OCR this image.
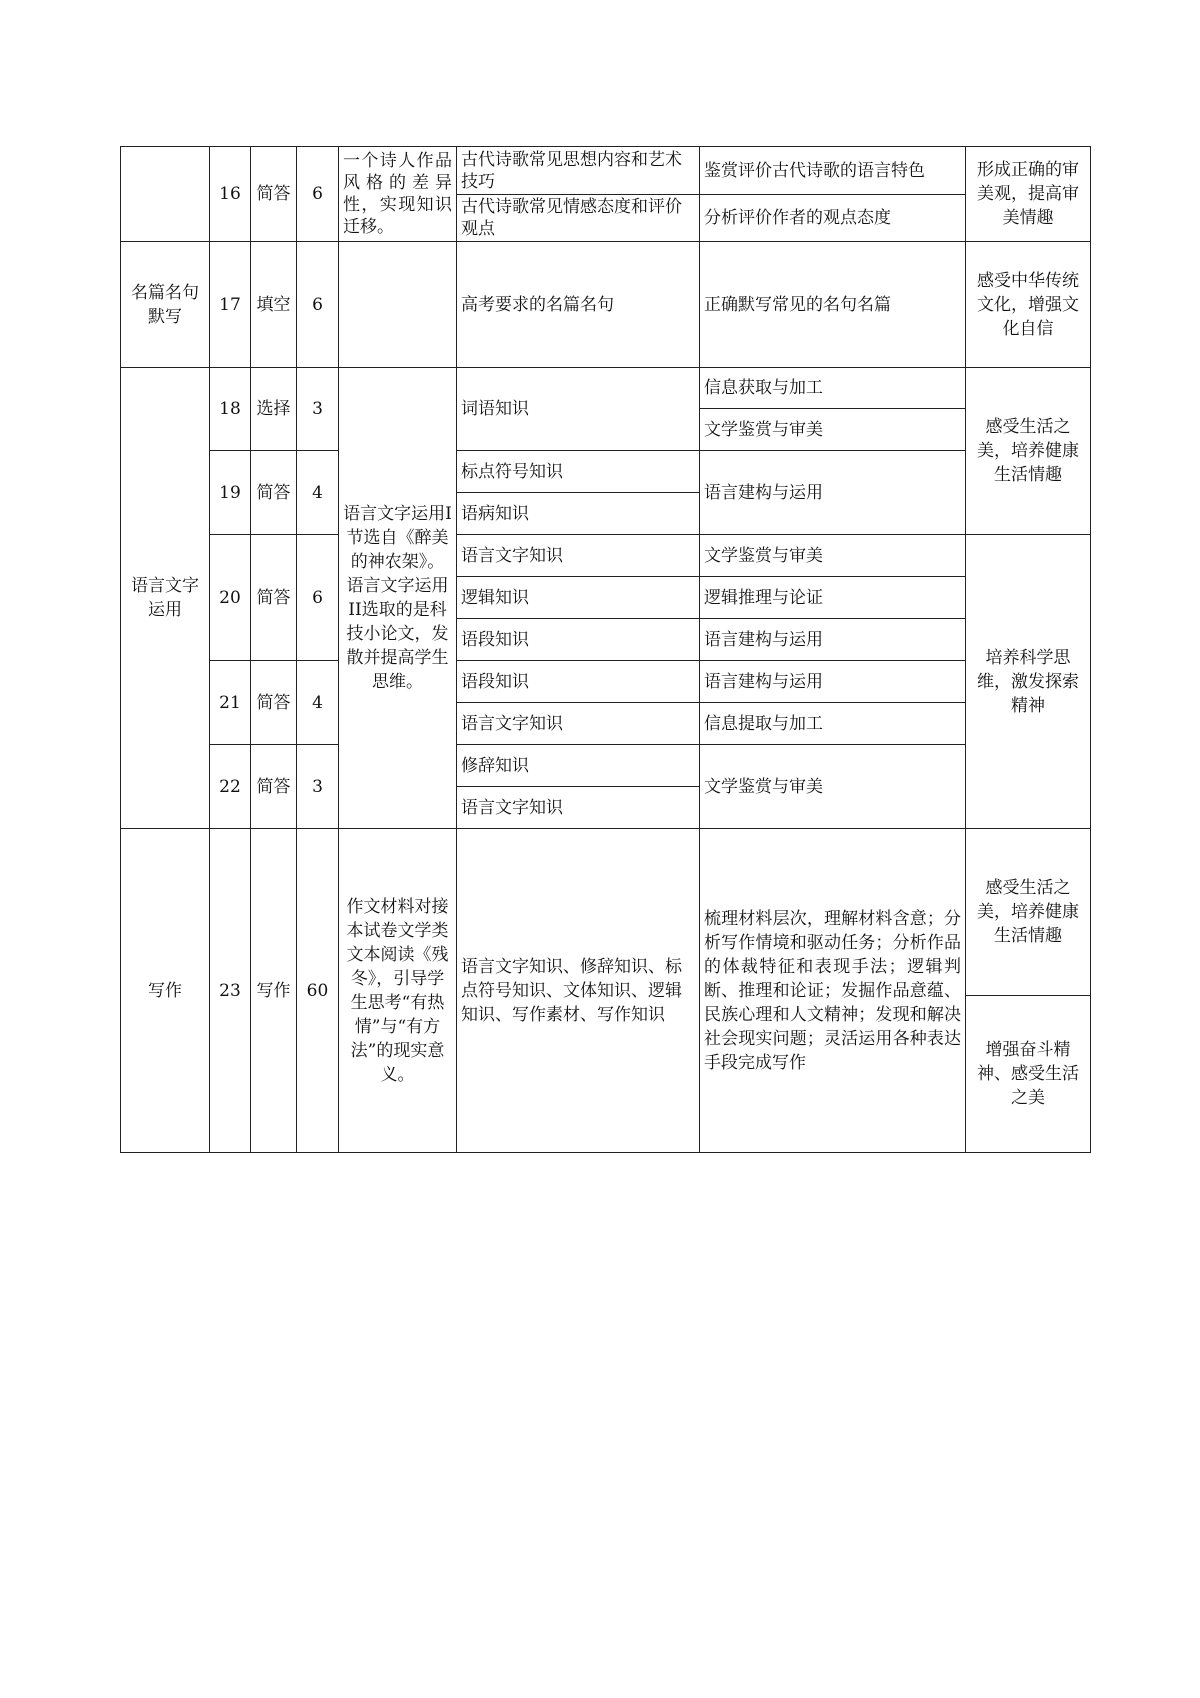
	16	简答	6	一个诗人作品风格的差异性，实现知识迁移。	古代诗歌常见思想内容和艺术技巧	鉴赏评价古代诗歌的语言特色	形成正确的审美观，提高审美情趣
					古代诗歌常见情感态度和评价观点	分析评价作者的观点态度	
名篇名句默写	17	填空	6		高考要求的名篇名句	正确默写常见的名句名篇	感受中华传统文化，增强文化自信
语言文字运用	18	选择	3	语言文字运用Ⅰ节选自《醉美的神农架》。语言文字运用II选取的是科技小论文，发散并提高学生思维。	词语知识	信息获取与加工	感受生活之美，培养健康生活情趣
						文学鉴赏与审美	
	19	简答	4		标点符号知识	语言建构与运用	
					语病知识		
	20	简答	6		语言文字知识	文学鉴赏与审美	培养科学思维，激发探索精神
					逻辑知识	逻辑推理与论证	
					语段知识	语言建构与运用	
	21	简答	4		语段知识	语言建构与运用	
					语言文字知识	信息提取与加工	
	22	简答	3		修辞知识	文学鉴赏与审美	
					语言文字知识		
写作	23	写作	60	作文材料对接本试卷文学类文本阅读《残冬》，引导学生思考“有热情”与“有方法”的现实意义。	语言文字知识、修辞知识、标点符号知识、文体知识、逻辑知识、写作素材、写作知识	梳理材料层次，理解材料含意；分析写作情境和驱动任务；分析作品的体裁特征和表现手法；逻辑判断、推理和论证；发掘作品意蕴、民族心理和人文精神；发现和解决社会现实问题；灵活运用各种表达手段完成写作	感受生活之美，培养健康生活情趣
							增强奋斗精神、感受生活之美
